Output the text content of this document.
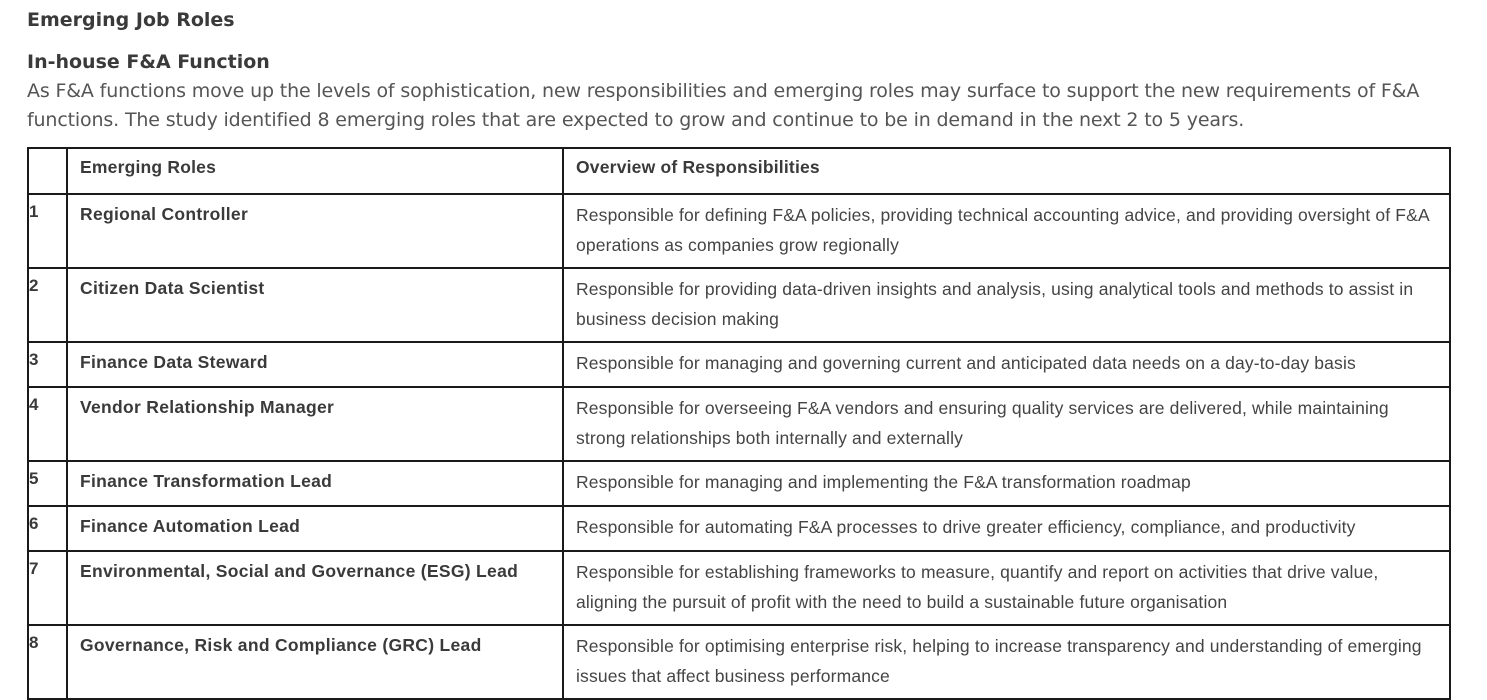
Emerging Job Roles
In-house F&A Function

As F&A functions move up the levels of sophistication, new responsibilities and emerging roles may surface to support the new requirements of F&A functions. The study identified 8 emerging roles that are expected to grow and continue to be in demand in the next 2 to 5 years.

	Emerging Roles	Overview of Responsibilities
1	Regional Controller	Responsible for defining F&A policies, providing technical accounting advice, and providing oversight of F&A operations as companies grow regionally
2	Citizen Data Scientist	Responsible for providing data-driven insights and analysis, using analytical tools and methods to assist in business decision making
3	Finance Data Steward	Responsible for managing and governing current and anticipated data needs on a day-to-day basis
4	Vendor Relationship Manager	Responsible for overseeing F&A vendors and ensuring quality services are delivered, while maintaining strong relationships both internally and externally
5	Finance Transformation Lead	Responsible for managing and implementing the F&A transformation roadmap
6	Finance Automation Lead	Responsible for automating F&A processes to drive greater efficiency, compliance, and productivity
7	Environmental, Social and Governance (ESG) Lead	Responsible for establishing frameworks to measure, quantify and report on activities that drive value, aligning the pursuit of profit with the need to build a sustainable future organisation
8	Governance, Risk and Compliance (GRC) Lead	Responsible for optimising enterprise risk, helping to increase transparency and understanding of emerging issues that affect business performance
